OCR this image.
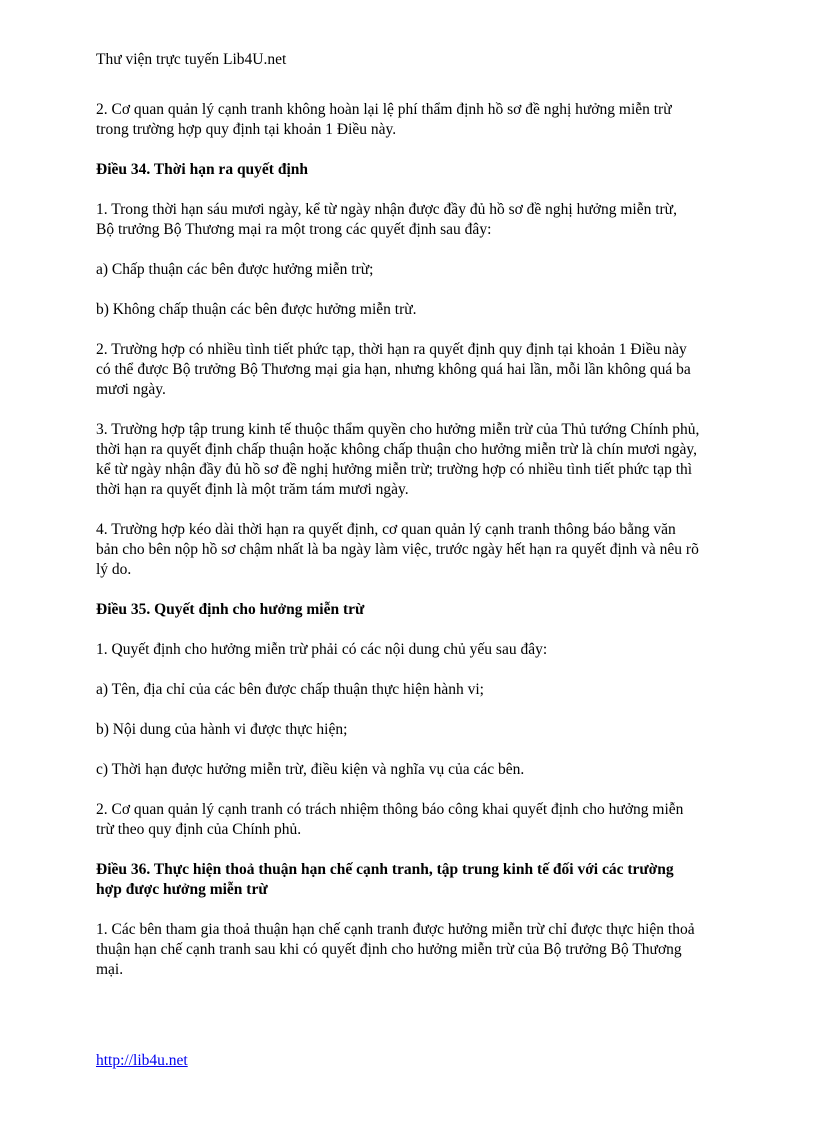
Thư viện trực tuyến Lib4U.net

2. Cơ quan quản lý cạnh tranh không hoàn lại lệ phí thẩm định hồ sơ đề nghị hưởng miễn trừ
trong trường hợp quy định tại khoản 1 Điều này.

Điều 34. Thời hạn ra quyết định

1. Trong thời hạn sáu mươi ngày, kể từ ngày nhận được đầy đủ hồ sơ đề nghị hưởng miễn trừ,
Bộ trưởng Bộ Thương mại ra một trong các quyết định sau đây:

a) Chấp thuận các bên được hưởng miễn trừ;

b) Không chấp thuận các bên được hưởng miễn trừ.

2. Trường hợp có nhiều tình tiết phức tạp, thời hạn ra quyết định quy định tại khoản 1 Điều này
có thể được Bộ trưởng Bộ Thương mại gia hạn, nhưng không quá hai lần, mỗi lần không quá ba
mươi ngày.

3. Trường hợp tập trung kinh tế thuộc thẩm quyền cho hưởng miễn trừ của Thủ tướng Chính phủ,
thời hạn ra quyết định chấp thuận hoặc không chấp thuận cho hưởng miễn trừ là chín mươi ngày,
kể từ ngày nhận đầy đủ hồ sơ đề nghị hưởng miễn trừ; trường hợp có nhiều tình tiết phức tạp thì
thời hạn ra quyết định là một trăm tám mươi ngày.

4. Trường hợp kéo dài thời hạn ra quyết định, cơ quan quản lý cạnh tranh thông báo bằng văn
bản cho bên nộp hồ sơ chậm nhất là ba ngày làm việc, trước ngày hết hạn ra quyết định và nêu rõ
lý do.

Điều 35. Quyết định cho hưởng miễn trừ

1. Quyết định cho hưởng miễn trừ phải có các nội dung chủ yếu sau đây:

a) Tên, địa chỉ của các bên được chấp thuận thực hiện hành vi;

b) Nội dung của hành vi được thực hiện;

c) Thời hạn được hưởng miễn trừ, điều kiện và nghĩa vụ của các bên.

2. Cơ quan quản lý cạnh tranh có trách nhiệm thông báo công khai quyết định cho hưởng miễn
trừ theo quy định của Chính phủ.

Điều 36. Thực hiện thoả thuận hạn chế cạnh tranh, tập trung kinh tế đối với các trường
hợp được hưởng miễn trừ

1. Các bên tham gia thoả thuận hạn chế cạnh tranh được hưởng miễn trừ chỉ được thực hiện thoả
thuận hạn chế cạnh tranh sau khi có quyết định cho hưởng miễn trừ của Bộ trưởng Bộ Thương
mại.

http://lib4u.net
